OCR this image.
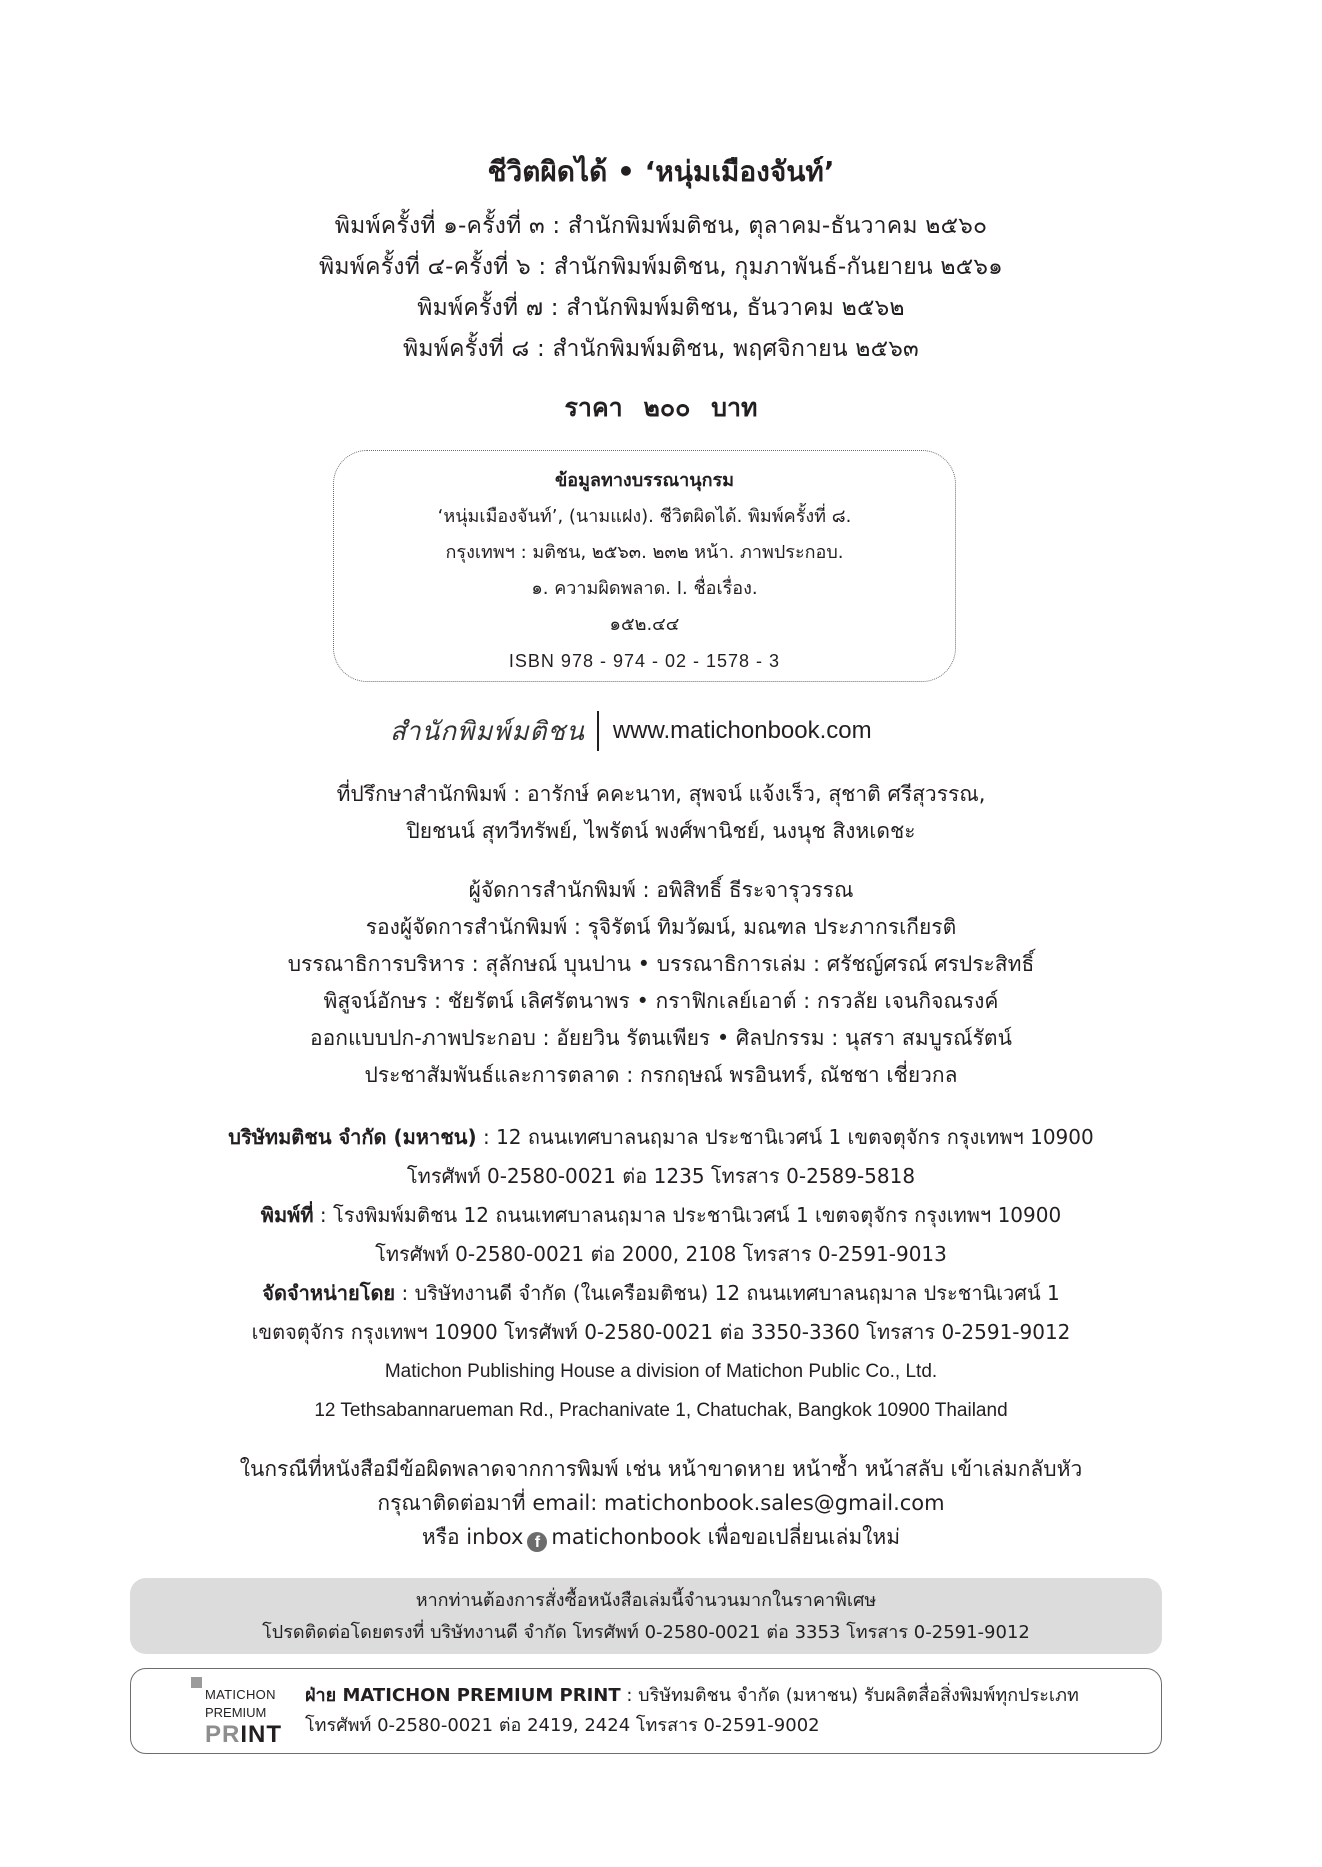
ชีวิตผิดได้ • ‘หนุ่มเมืองจันท์’
พิมพ์ครั้งที่ ๑-ครั้งที่ ๓ : สำนักพิมพ์มติชน, ตุลาคม-ธันวาคม ๒๕๖๐
พิมพ์ครั้งที่ ๔-ครั้งที่ ๖ : สำนักพิมพ์มติชน, กุมภาพันธ์-กันยายน ๒๕๖๑
พิมพ์ครั้งที่ ๗ : สำนักพิมพ์มติชน, ธันวาคม ๒๕๖๒
พิมพ์ครั้งที่ ๘ : สำนักพิมพ์มติชน, พฤศจิกายน ๒๕๖๓
ราคา ๒๐๐ บาท
ข้อมูลทางบรรณานุกรม
‘หนุ่มเมืองจันท์’, (นามแฝง). ชีวิตผิดได้. พิมพ์ครั้งที่ ๘.
กรุงเทพฯ : มติชน, ๒๕๖๓. ๒๓๒ หน้า. ภาพประกอบ.
๑. ความผิดพลาด. I. ชื่อเรื่อง.
๑๕๒.๔๔
ISBN 978 - 974 - 02 - 1578 - 3
สำนักพิมพ์มติชน www.matichonbook.com
ที่ปรึกษาสำนักพิมพ์ : อารักษ์ คคะนาท, สุพจน์ แจ้งเร็ว, สุชาติ ศรีสุวรรณ,
ปิยชนน์ สุทวีทรัพย์, ไพรัตน์ พงศ์พานิชย์, นงนุช สิงหเดชะ
ผู้จัดการสำนักพิมพ์ : อพิสิทธิ์ ธีระจารุวรรณ
รองผู้จัดการสำนักพิมพ์ : รุจิรัตน์ ทิมวัฒน์, มณฑล ประภากรเกียรติ
บรรณาธิการบริหาร : สุลักษณ์ บุนปาน • บรรณาธิการเล่ม : ศรัชญ์ศรณ์ ศรประสิทธิ์
พิสูจน์อักษร : ชัยรัตน์ เลิศรัตนาพร • กราฟิกเลย์เอาต์ : กรวลัย เจนกิจณรงค์
ออกแบบปก-ภาพประกอบ : อัยยวิน รัตนเพียร • ศิลปกรรม : นุสรา สมบูรณ์รัตน์
ประชาสัมพันธ์และการตลาด : กรกฤษณ์ พรอินทร์, ณัชชา เชี่ยวกล
บริษัทมติชน จำกัด (มหาชน) : 12 ถนนเทศบาลนฤมาล ประชานิเวศน์ 1 เขตจตุจักร กรุงเทพฯ 10900
โทรศัพท์ 0-2580-0021 ต่อ 1235 โทรสาร 0-2589-5818
พิมพ์ที่ : โรงพิมพ์มติชน 12 ถนนเทศบาลนฤมาล ประชานิเวศน์ 1 เขตจตุจักร กรุงเทพฯ 10900
โทรศัพท์ 0-2580-0021 ต่อ 2000, 2108 โทรสาร 0-2591-9013
จัดจำหน่ายโดย : บริษัทงานดี จำกัด (ในเครือมติชน) 12 ถนนเทศบาลนฤมาล ประชานิเวศน์ 1
เขตจตุจักร กรุงเทพฯ 10900 โทรศัพท์ 0-2580-0021 ต่อ 3350-3360 โทรสาร 0-2591-9012
Matichon Publishing House a division of Matichon Public Co., Ltd.
12 Tethsabannarueman Rd., Prachanivate 1, Chatuchak, Bangkok 10900 Thailand
ในกรณีที่หนังสือมีข้อผิดพลาดจากการพิมพ์ เช่น หน้าขาดหาย หน้าซ้ำ หน้าสลับ เข้าเล่มกลับหัว
กรุณาติดต่อมาที่ email: matichonbook.sales@gmail.com
หรือ inbox f matichonbook เพื่อขอเปลี่ยนเล่มใหม่
หากท่านต้องการสั่งซื้อหนังสือเล่มนี้จำนวนมากในราคาพิเศษ
โปรดติดต่อโดยตรงที่ บริษัทงานดี จำกัด โทรศัพท์ 0-2580-0021 ต่อ 3353 โทรสาร 0-2591-9012
MATICHON
PREMIUM
PRINT
ฝ่าย MATICHON PREMIUM PRINT : บริษัทมติชน จำกัด (มหาชน) รับผลิตสื่อสิ่งพิมพ์ทุกประเภท
โทรศัพท์ 0-2580-0021 ต่อ 2419, 2424 โทรสาร 0-2591-9002
